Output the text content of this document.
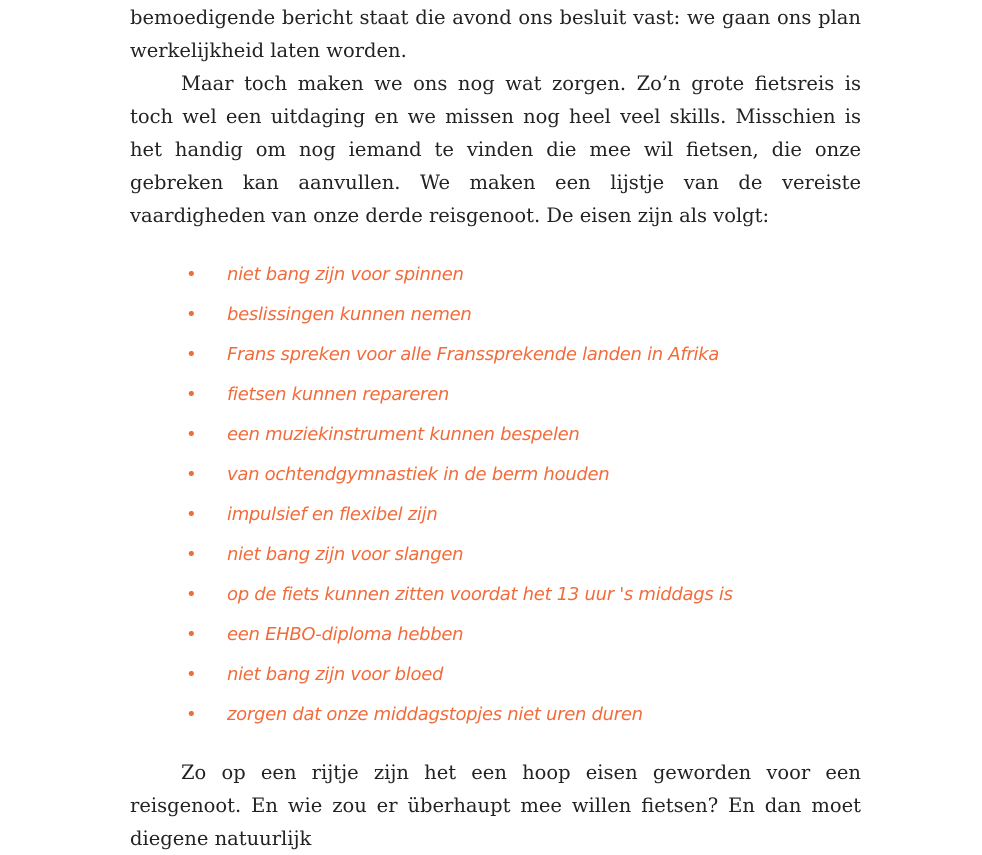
bemoedigende bericht staat die avond ons besluit vast: we gaan ons plan werkelijkheid laten worden.

Maar toch maken we ons nog wat zorgen. Zo’n grote fietsreis is toch wel een uitdaging en we missen nog heel veel skills. Misschien is het handig om nog iemand te vinden die mee wil fietsen, die onze gebreken kan aanvullen. We maken een lijstje van de vereiste vaardigheden van onze derde reisgenoot. De eisen zijn als volgt:

• niet bang zijn voor spinnen
• beslissingen kunnen nemen
• Frans spreken voor alle Franssprekende landen in Afrika
• fietsen kunnen repareren
• een muziekinstrument kunnen bespelen
• van ochtendgymnastiek in de berm houden
• impulsief en flexibel zijn
• niet bang zijn voor slangen
• op de fiets kunnen zitten voordat het 13 uur 's middags is
• een EHBO-diploma hebben
• niet bang zijn voor bloed
• zorgen dat onze middagstopjes niet uren duren

Zo op een rijtje zijn het een hoop eisen geworden voor een reisgenoot. En wie zou er überhaupt mee willen fietsen? En dan moet diegene natuurlijk
